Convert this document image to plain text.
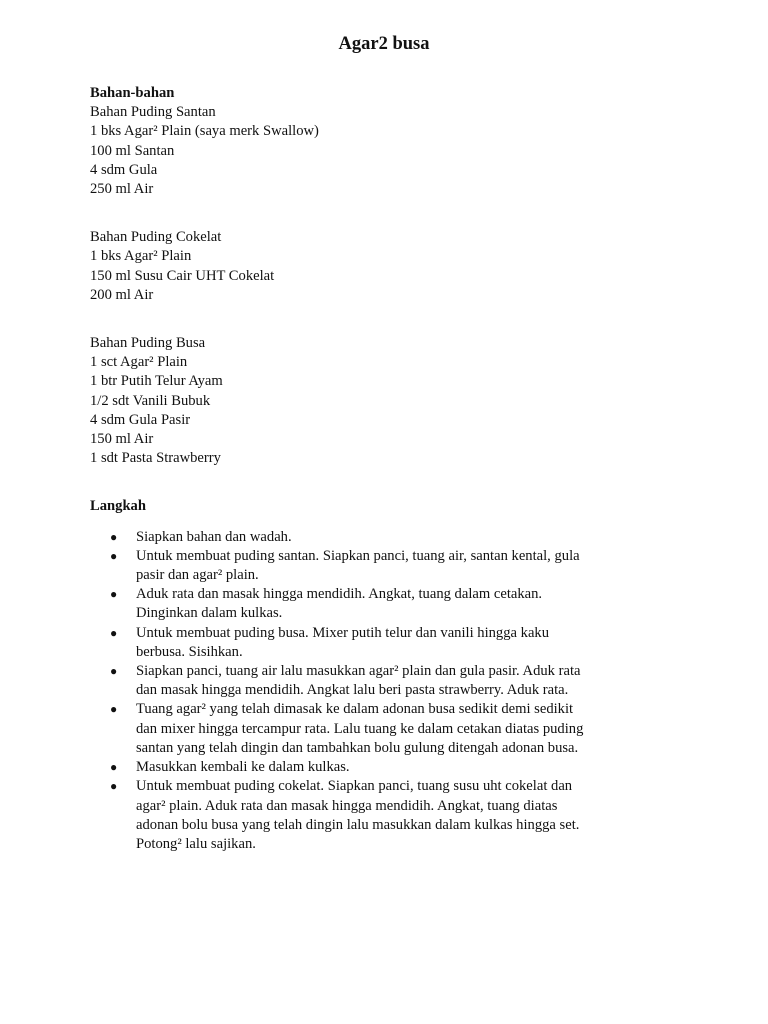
Agar2 busa
Bahan-bahan
Bahan Puding Santan
1 bks Agar² Plain (saya merk Swallow)
100 ml Santan
4 sdm Gula
250 ml Air
Bahan Puding Cokelat
1 bks Agar² Plain
150 ml Susu Cair UHT Cokelat
200 ml Air
Bahan Puding Busa
1 sct Agar² Plain
1 btr Putih Telur Ayam
1/2 sdt Vanili Bubuk
4 sdm Gula Pasir
150 ml Air
1 sdt Pasta Strawberry
Langkah
● Siapkan bahan dan wadah.
● Untuk membuat puding santan. Siapkan panci, tuang air, santan kental, gula
pasir dan agar² plain.
● Aduk rata dan masak hingga mendidih. Angkat, tuang dalam cetakan.
Dinginkan dalam kulkas.
● Untuk membuat puding busa. Mixer putih telur dan vanili hingga kaku
berbusa. Sisihkan.
● Siapkan panci, tuang air lalu masukkan agar² plain dan gula pasir. Aduk rata
dan masak hingga mendidih. Angkat lalu beri pasta strawberry. Aduk rata.
● Tuang agar² yang telah dimasak ke dalam adonan busa sedikit demi sedikit
dan mixer hingga tercampur rata. Lalu tuang ke dalam cetakan diatas puding
santan yang telah dingin dan tambahkan bolu gulung ditengah adonan busa.
● Masukkan kembali ke dalam kulkas.
● Untuk membuat puding cokelat. Siapkan panci, tuang susu uht cokelat dan
agar² plain. Aduk rata dan masak hingga mendidih. Angkat, tuang diatas
adonan bolu busa yang telah dingin lalu masukkan dalam kulkas hingga set.
Potong² lalu sajikan.
